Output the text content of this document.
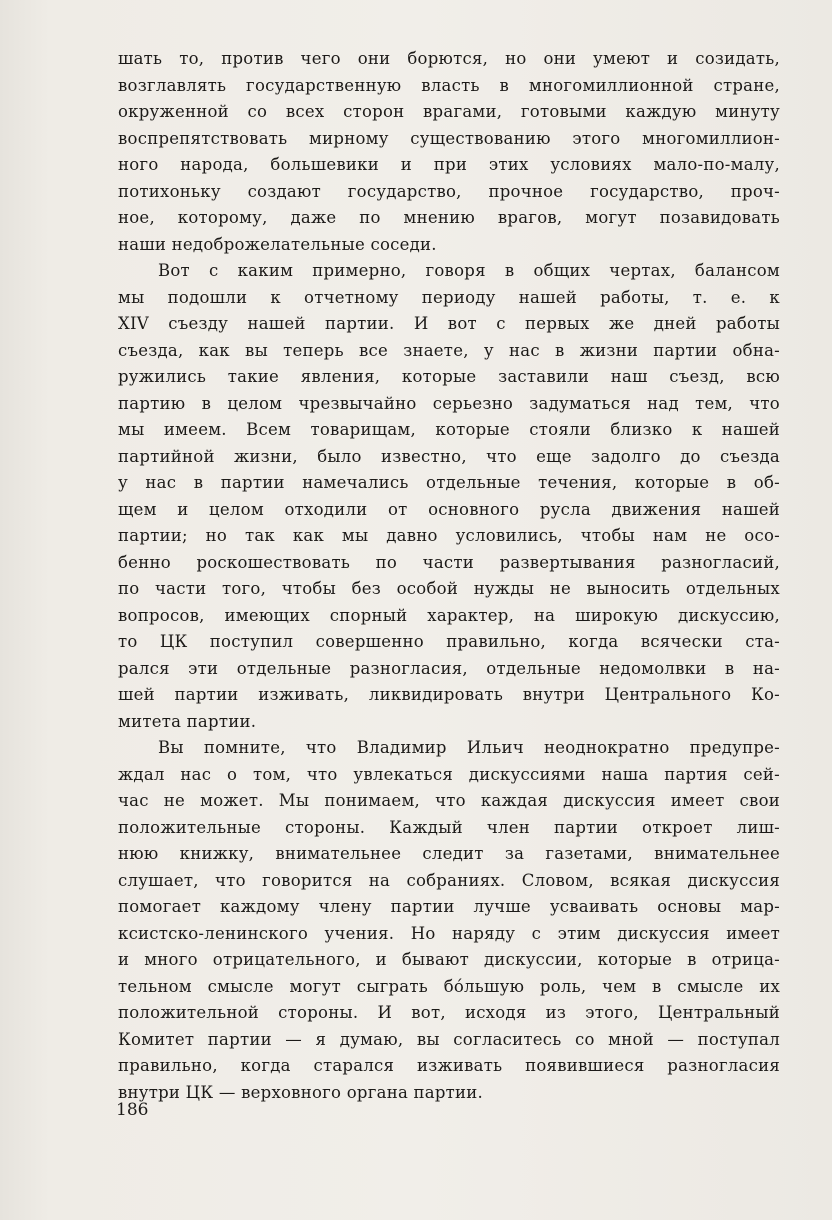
шать то, против чего они борются, но они умеют и созидать,
возглавлять государственную власть в многомиллионной стране,
окруженной со всех сторон врагами, готовыми каждую минуту
воспрепятствовать мирному существованию этого многомиллион-
ного народа, большевики и при этих условиях мало-по-малу,
потихоньку создают государство, прочное государство, проч-
ное, которому, даже по мнению врагов, могут позавидовать
наши недоброжелательные соседи.
Вот с каким примерно, говоря в общих чертах, балансом
мы подошли к отчетному периоду нашей работы, т. е. к
XIV съезду нашей партии. И вот с первых же дней работы
съезда, как вы теперь все знаете, у нас в жизни партии обна-
ружились такие явления, которые заставили наш съезд, всю
партию в целом чрезвычайно серьезно задуматься над тем, что
мы имеем. Всем товарищам, которые стояли близко к нашей
партийной жизни, было известно, что еще задолго до съезда
у нас в партии намечались отдельные течения, которые в об-
щем и целом отходили от основного русла движения нашей
партии; но так как мы давно условились, чтобы нам не осо-
бенно роскошествовать по части развертывания разногласий,
по части того, чтобы без особой нужды не выносить отдельных
вопросов, имеющих спорный характер, на широкую дискуссию,
то ЦК поступил совершенно правильно, когда всячески ста-
рался эти отдельные разногласия, отдельные недомолвки в на-
шей партии изживать, ликвидировать внутри Центрального Ко-
митета партии.
Вы помните, что Владимир Ильич неоднократно предупре-
ждал нас о том, что увлекаться дискуссиями наша партия сей-
час не может. Мы понимаем, что каждая дискуссия имеет свои
положительные стороны. Каждый член партии откроет лиш-
нюю книжку, внимательнее следит за газетами, внимательнее
слушает, что говорится на собраниях. Словом, всякая дискуссия
помогает каждому члену партии лучше усваивать основы мар-
ксистско-ленинского учения. Но наряду с этим дискуссия имеет
и много отрицательного, и бывают дискуссии, которые в отрица-
тельном смысле могут сыграть бо́льшую роль, чем в смысле их
положительной стороны. И вот, исходя из этого, Центральный
Комитет партии — я думаю, вы согласитесь со мной — поступал
правильно, когда старался изживать появившиеся разногласия
внутри ЦК — верховного органа партии.
186
